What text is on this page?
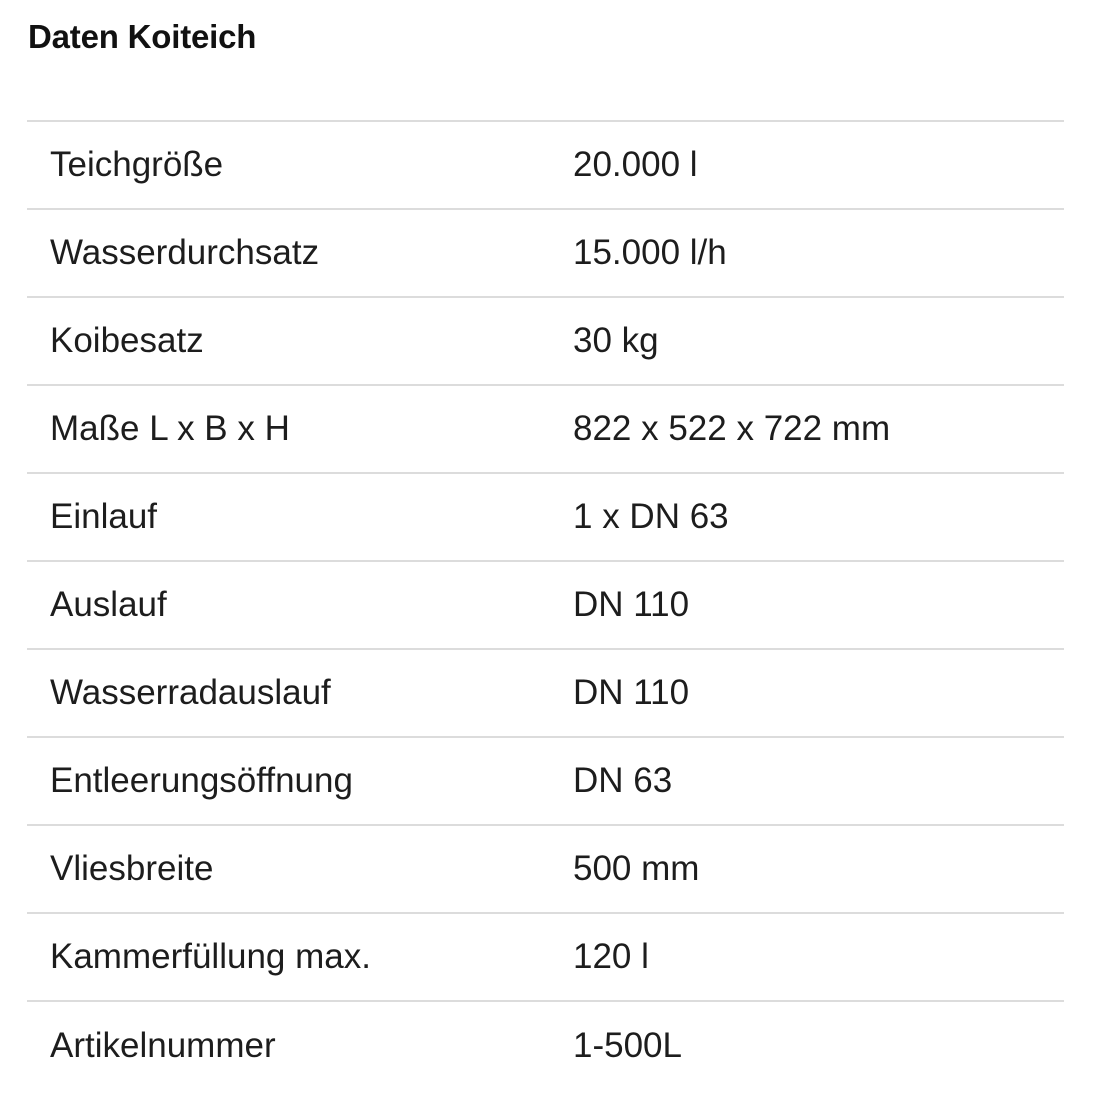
Daten Koiteich
Teichgröße	20.000 l
Wasserdurchsatz	15.000 l/h
Koibesatz	30 kg
Maße L x B x H	822 x 522 x 722 mm
Einlauf	1 x DN 63
Auslauf	DN 110
Wasserradauslauf	DN 110
Entleerungsöffnung	DN 63
Vliesbreite	500 mm
Kammerfüllung max.	120 l
Artikelnummer	1-500L
